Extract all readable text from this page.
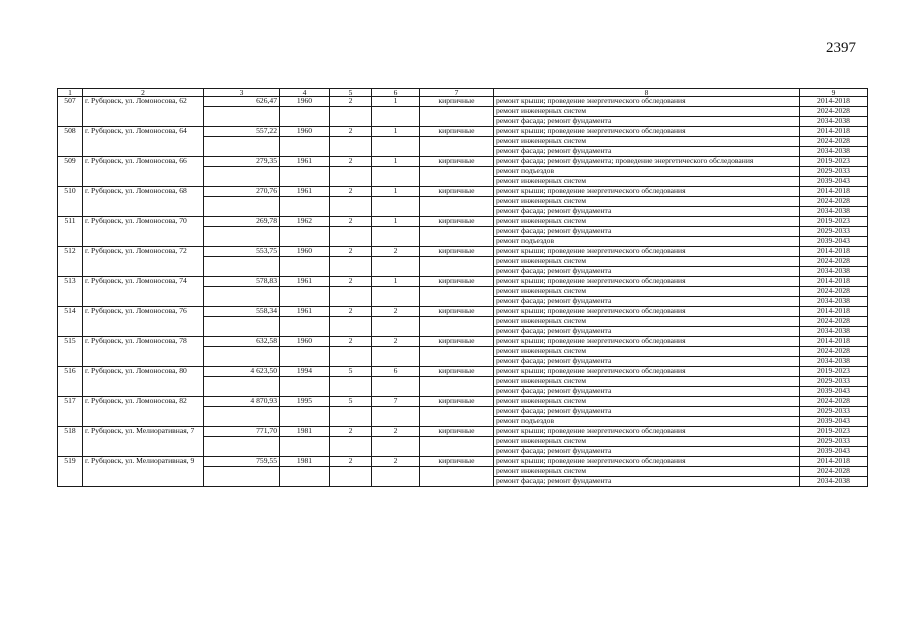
2397
1	2	3	4	5	6	7	8	9
507	г. Рубцовск, ул. Ломоносова, 62	626,47	1960	2	1	кирпичные	ремонт крыши; проведение энергетического обследования	2014-2018
							ремонт инженерных систем	2024-2028
							ремонт фасада; ремонт фундамента	2034-2038
508	г. Рубцовск, ул. Ломоносова, 64	557,22	1960	2	1	кирпичные	ремонт крыши; проведение энергетического обследования	2014-2018
							ремонт инженерных систем	2024-2028
							ремонт фасада; ремонт фундамента	2034-2038
509	г. Рубцовск, ул. Ломоносова, 66	279,35	1961	2	1	кирпичные	ремонт фасада; ремонт фундамента; проведение энергетического обследования	2019-2023
							ремонт подъездов	2029-2033
							ремонт инженерных систем	2039-2043
510	г. Рубцовск, ул. Ломоносова, 68	270,76	1961	2	1	кирпичные	ремонт крыши; проведение энергетического обследования	2014-2018
							ремонт инженерных систем	2024-2028
							ремонт фасада; ремонт фундамента	2034-2038
511	г. Рубцовск, ул. Ломоносова, 70	269,78	1962	2	1	кирпичные	ремонт инженерных систем	2019-2023
							ремонт фасада; ремонт фундамента	2029-2033
							ремонт подъездов	2039-2043
512	г. Рубцовск, ул. Ломоносова, 72	553,75	1960	2	2	кирпичные	ремонт крыши; проведение энергетического обследования	2014-2018
							ремонт инженерных систем	2024-2028
							ремонт фасада; ремонт фундамента	2034-2038
513	г. Рубцовск, ул. Ломоносова, 74	578,83	1961	2	1	кирпичные	ремонт крыши; проведение энергетического обследования	2014-2018
							ремонт инженерных систем	2024-2028
							ремонт фасада; ремонт фундамента	2034-2038
514	г. Рубцовск, ул. Ломоносова, 76	558,34	1961	2	2	кирпичные	ремонт крыши; проведение энергетического обследования	2014-2018
							ремонт инженерных систем	2024-2028
							ремонт фасада; ремонт фундамента	2034-2038
515	г. Рубцовск, ул. Ломоносова, 78	632,58	1960	2	2	кирпичные	ремонт крыши; проведение энергетического обследования	2014-2018
							ремонт инженерных систем	2024-2028
							ремонт фасада; ремонт фундамента	2034-2038
516	г. Рубцовск, ул. Ломоносова, 80	4 623,50	1994	5	6	кирпичные	ремонт крыши; проведение энергетического обследования	2019-2023
							ремонт инженерных систем	2029-2033
							ремонт фасада; ремонт фундамента	2039-2043
517	г. Рубцовск, ул. Ломоносова, 82	4 870,93	1995	5	7	кирпичные	ремонт инженерных систем	2024-2028
							ремонт фасада; ремонт фундамента	2029-2033
							ремонт подъездов	2039-2043
518	г. Рубцовск, ул. Мелиоративная, 7	771,70	1981	2	2	кирпичные	ремонт крыши; проведение энергетического обследования	2019-2023
							ремонт инженерных систем	2029-2033
							ремонт фасада; ремонт фундамента	2039-2043
519	г. Рубцовск, ул. Мелиоративная, 9	759,55	1981	2	2	кирпичные	ремонт крыши; проведение энергетического обследования	2014-2018
							ремонт инженерных систем	2024-2028
							ремонт фасада; ремонт фундамента	2034-2038
